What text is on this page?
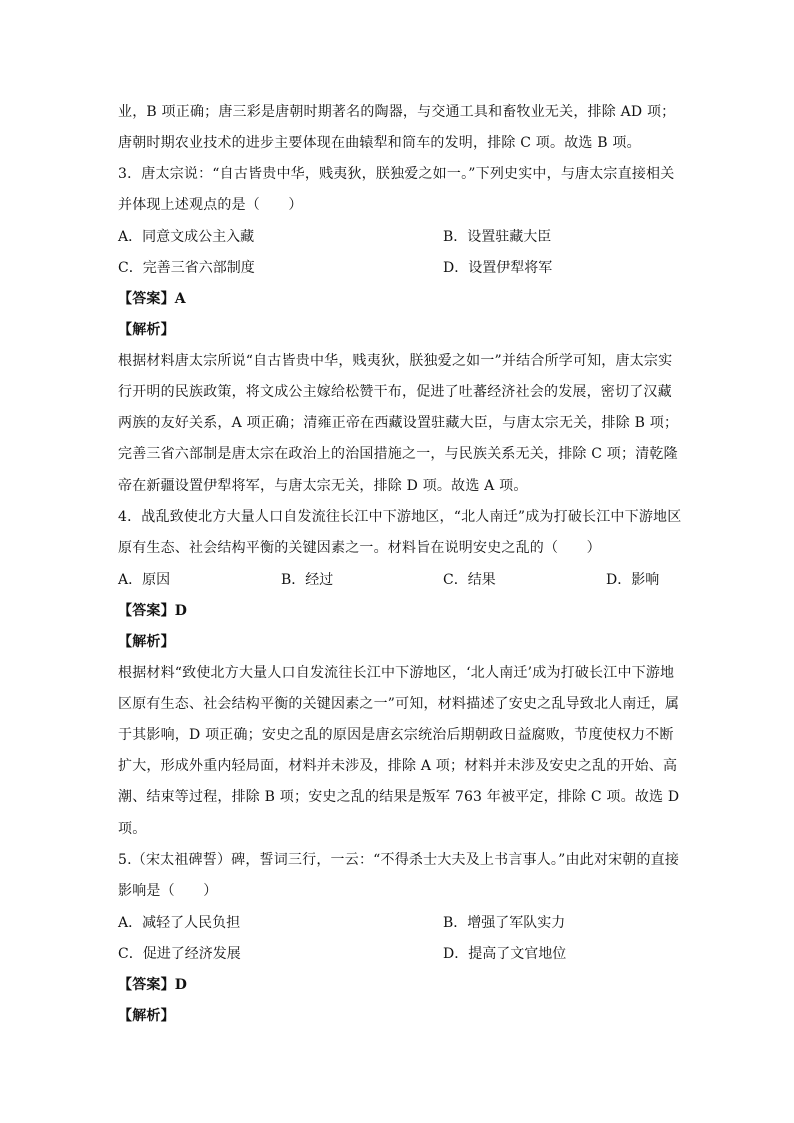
业，B 项正确；唐三彩是唐朝时期著名的陶器，与交通工具和畜牧业无关，排除 AD 项；
唐朝时期农业技术的进步主要体现在曲辕犁和筒车的发明，排除 C 项。故选 B 项。
3．唐太宗说：“自古皆贵中华，贱夷狄，朕独爱之如一。”下列史实中，与唐太宗直接相关
并体现上述观点的是（　　）
A．同意文成公主入藏	B．设置驻藏大臣
C．完善三省六部制度	D．设置伊犁将军
【答案】A
【解析】
根据材料唐太宗所说“自古皆贵中华，贱夷狄，朕独爱之如一”并结合所学可知，唐太宗实
行开明的民族政策，将文成公主嫁给松赞干布，促进了吐蕃经济社会的发展，密切了汉藏
两族的友好关系，A 项正确；清雍正帝在西藏设置驻藏大臣，与唐太宗无关，排除 B 项；
完善三省六部制是唐太宗在政治上的治国措施之一，与民族关系无关，排除 C 项；清乾隆
帝在新疆设置伊犁将军，与唐太宗无关，排除 D 项。故选 A 项。
4．战乱致使北方大量人口自发流往长江中下游地区，“北人南迁”成为打破长江中下游地区
原有生态、社会结构平衡的关键因素之一。材料旨在说明安史之乱的（　　）
A．原因	B．经过	C．结果	D．影响
【答案】D
【解析】
根据材料“致使北方大量人口自发流往长江中下游地区，‘北人南迁’成为打破长江中下游地
区原有生态、社会结构平衡的关键因素之一”可知，材料描述了安史之乱导致北人南迁，属
于其影响，D 项正确；安史之乱的原因是唐玄宗统治后期朝政日益腐败，节度使权力不断
扩大，形成外重内轻局面，材料并未涉及，排除 A 项；材料并未涉及安史之乱的开始、高
潮、结束等过程，排除 B 项；安史之乱的结果是叛军 763 年被平定，排除 C 项。故选 D
项。
5.（宋太祖碑誓）碑，誓词三行，一云：“不得杀士大夫及上书言事人。”由此对宋朝的直接
影响是（　　）
A．减轻了人民负担	B．增强了军队实力
C．促进了经济发展	D．提高了文官地位
【答案】D
【解析】
